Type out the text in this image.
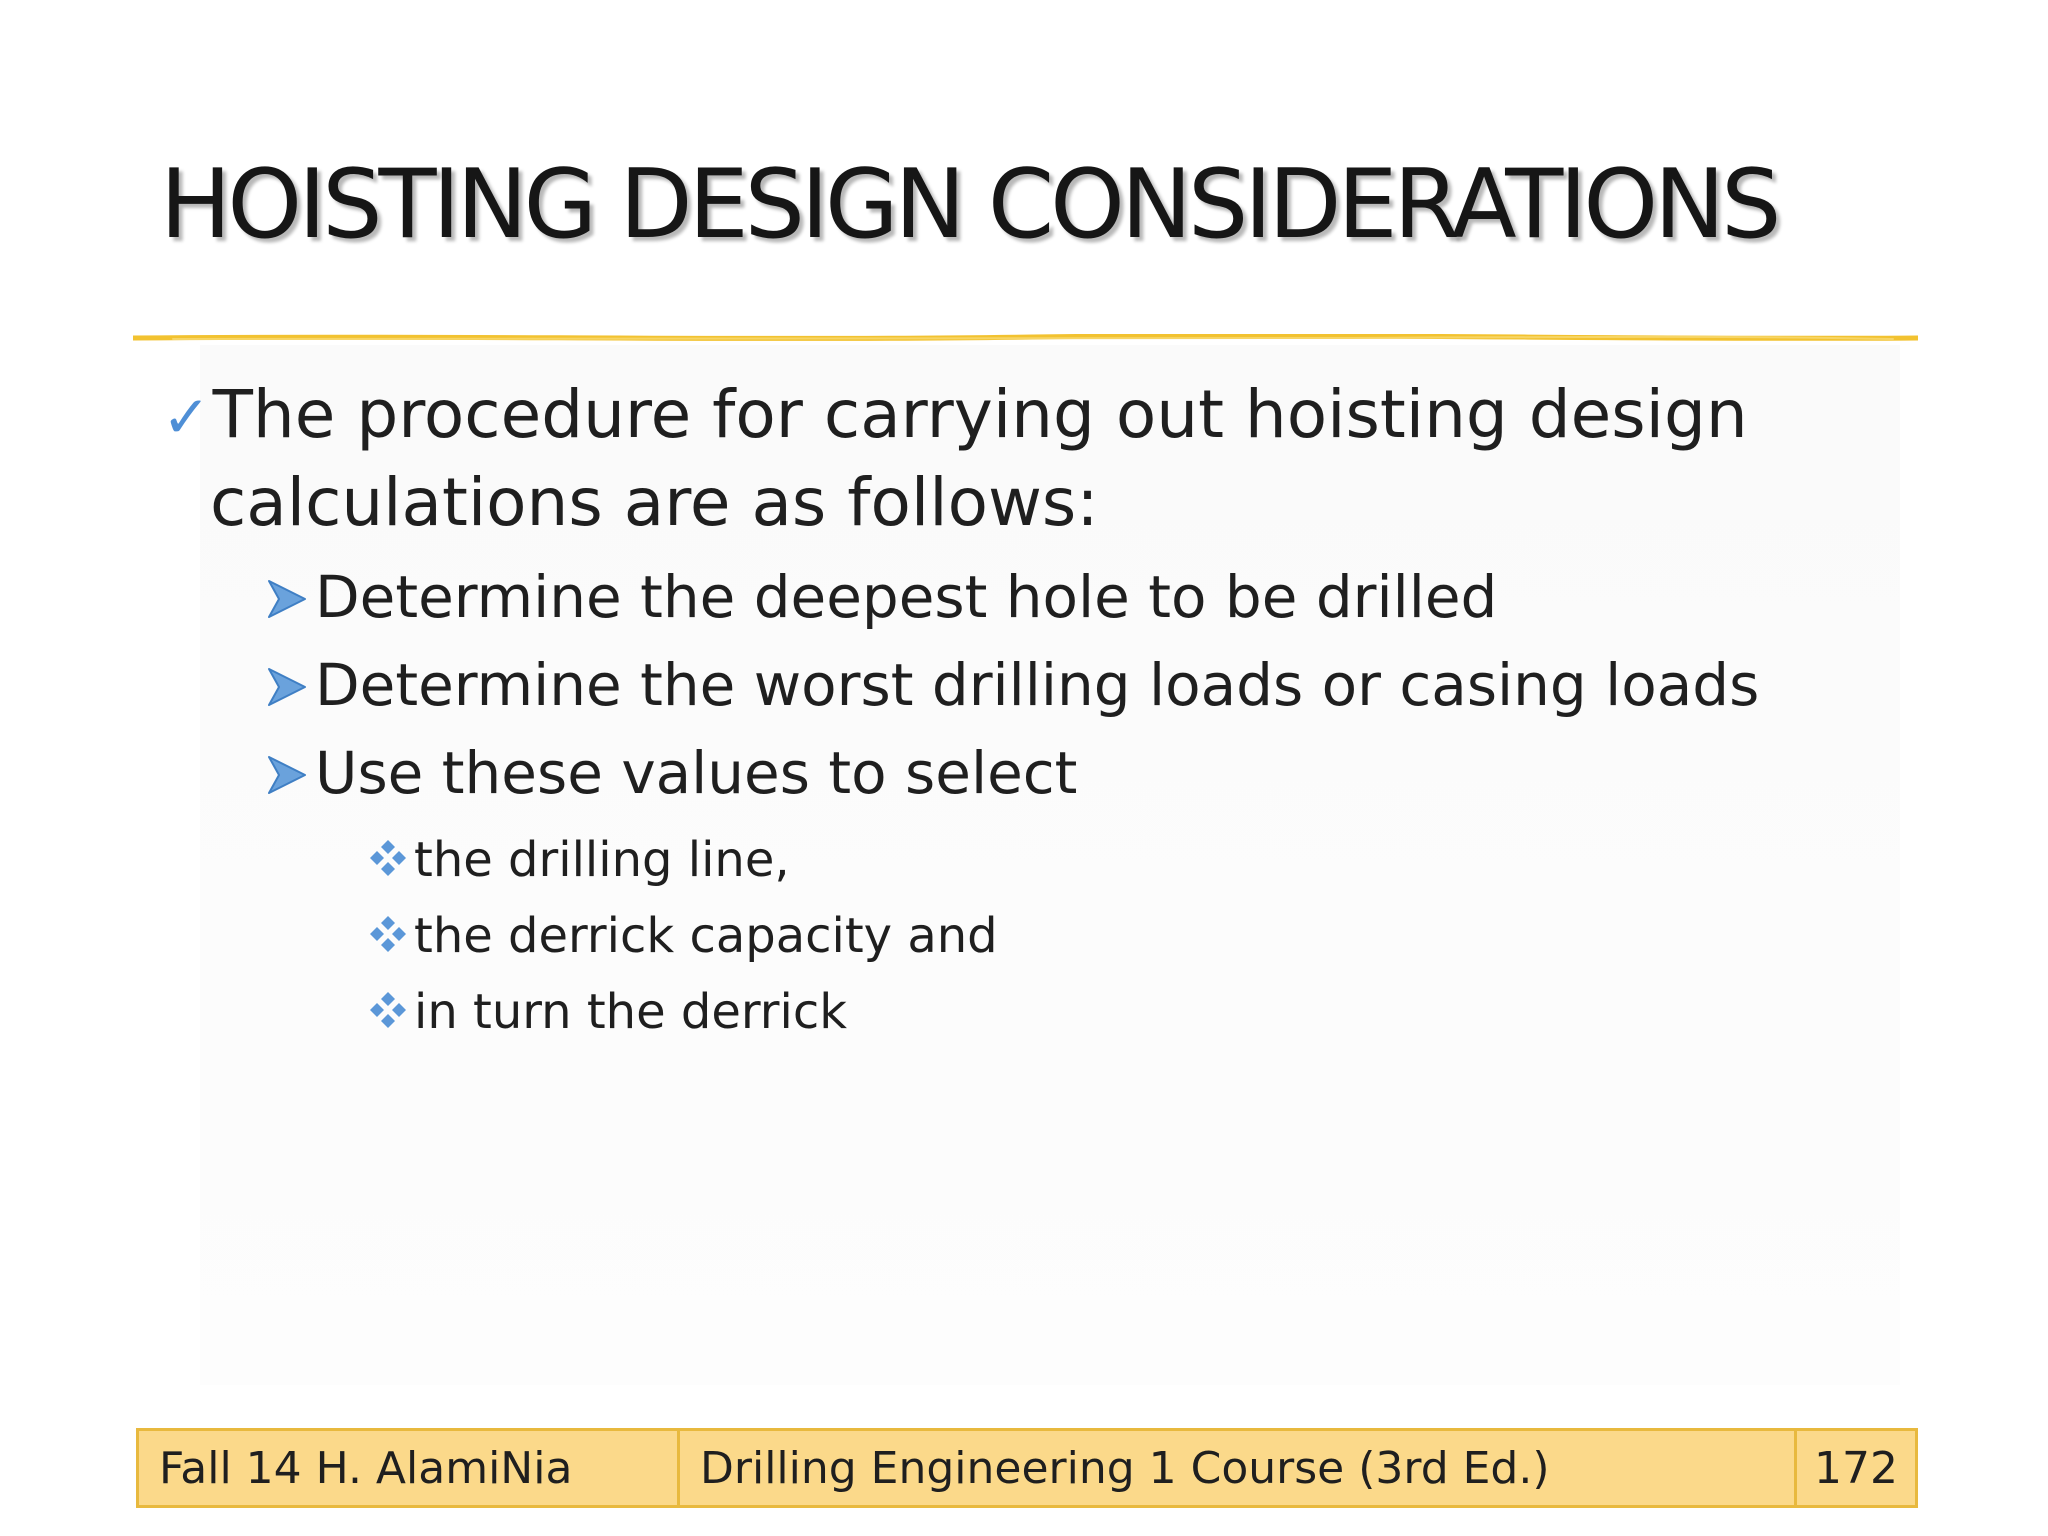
HOISTING DESIGN CONSIDERATIONS
✓The procedure for carrying out hoisting design
calculations are as follows:
Determine the deepest hole to be drilled
Determine the worst drilling loads or casing loads
Use these values to select
the drilling line,
the derrick capacity and
in turn the derrick
Fall 14 H. AlamiNia	Drilling Engineering 1 Course (3rd Ed.)	172
